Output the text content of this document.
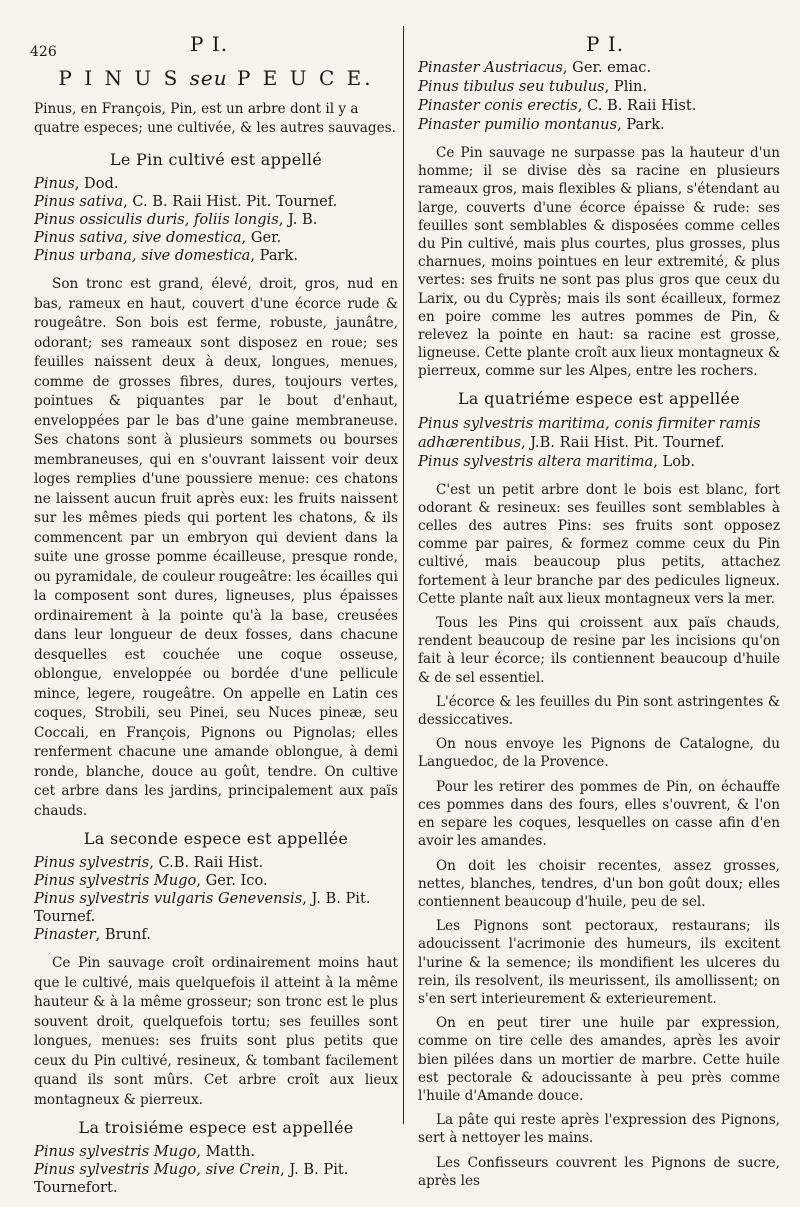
426	P I.	P I.
P I N U S seu P E U C E.

Pinus, en François, Pin, est un arbre dont il y a quatre especes; une cultivée, & les autres sauvages.

Le Pin cultivé est appellé
Pinus, Dod.
Pinus sativa, C. B. Raii Hist. Pit. Tournef.
Pinus ossiculis duris, foliis longis, J. B.
Pinus sativa, sive domestica, Ger.
Pinus urbana, sive domestica, Park.

Son tronc est grand, élevé, droit, gros, nud en bas, rameux en haut, couvert d'une écorce rude & rougeâtre. Son bois est ferme, robuste, jaunâtre, odorant; ses rameaux sont disposez en roue; ses feuilles naissent deux à deux, longues, menues, comme de grosses fibres, dures, toujours vertes, pointues & piquantes par le bout d'enhaut, enveloppées par le bas d'une gaine membraneuse. Ses chatons sont à plusieurs sommets ou bourses membraneuses, qui en s'ouvrant laissent voir deux loges remplies d'une poussiere menue: ces chatons ne laissent aucun fruit après eux: les fruits naissent sur les mêmes pieds qui portent les chatons, & ils commencent par un embryon qui devient dans la suite une grosse pomme écailleuse, presque ronde, ou pyramidale, de couleur rougeâtre: les écailles qui la composent sont dures, ligneuses, plus épaisses ordinairement à la pointe qu'à la base, creusées dans leur longueur de deux fosses, dans chacune desquelles est couchée une coque osseuse, oblongue, enveloppée ou bordée d'une pellicule mince, legere, rougeâtre. On appelle en Latin ces coques, Strobili, seu Pinei, seu Nuces pineæ, seu Coccali, en François, Pignons ou Pignolas; elles renferment chacune une amande oblongue, à demi ronde, blanche, douce au goût, tendre. On cultive cet arbre dans les jardins, principalement aux païs chauds.

La seconde espece est appellée
Pinus sylvestris, C.B. Raii Hist.
Pinus sylvestris Mugo, Ger. Ico.
Pinus sylvestris vulgaris Genevensis, J. B. Pit. Tournef.
Pinaster, Brunf.

Ce Pin sauvage croît ordinairement moins haut que le cultivé, mais quelquefois il atteint à la même hauteur & à la même grosseur; son tronc est le plus souvent droit, quelquefois tortu; ses feuilles sont longues, menues: ses fruits sont plus petits que ceux du Pin cultivé, resineux, & tombant facilement quand ils sont mûrs. Cet arbre croît aux lieux montagneux & pierreux.

La troisiéme espece est appellée
Pinus sylvestris Mugo, Matth.
Pinus sylvestris Mugo, sive Crein, J. B. Pit. Tournefort.
Pinaster Austriacus, Ger. emac.
Pinus tibulus seu tubulus, Plin.
Pinaster conis erectis, C. B. Raii Hist.
Pinaster pumilio montanus, Park.

Ce Pin sauvage ne surpasse pas la hauteur d'un homme; il se divise dès sa racine en plusieurs rameaux gros, mais flexibles & plians, s'étendant au large, couverts d'une écorce épaisse & rude: ses feuilles sont semblables & disposées comme celles du Pin cultivé, mais plus courtes, plus grosses, plus charnues, moins pointues en leur extremité, & plus vertes: ses fruits ne sont pas plus gros que ceux du Larix, ou du Cyprès; mais ils sont écailleux, formez en poire comme les autres pommes de Pin, & relevez la pointe en haut: sa racine est grosse, ligneuse. Cette plante croît aux lieux montagneux & pierreux, comme sur les Alpes, entre les rochers.

La quatriéme espece est appellée
Pinus sylvestris maritima, conis firmiter ramis adhærentibus, J.B. Raii Hist. Pit. Tournef.
Pinus sylvestris altera maritima, Lob.

C'est un petit arbre dont le bois est blanc, fort odorant & resineux: ses feuilles sont semblables à celles des autres Pins: ses fruits sont opposez comme par paires, & formez comme ceux du Pin cultivé, mais beaucoup plus petits, attachez fortement à leur branche par des pedicules ligneux. Cette plante naît aux lieux montagneux vers la mer.

Tous les Pins qui croissent aux païs chauds, rendent beaucoup de resine par les incisions qu'on fait à leur écorce; ils contiennent beaucoup d'huile & de sel essentiel.

L'écorce & les feuilles du Pin sont astringentes & dessiccatives.

On nous envoye les Pignons de Catalogne, du Languedoc, de la Provence.

Pour les retirer des pommes de Pin, on échauffe ces pommes dans des fours, elles s'ouvrent, & l'on en separe les coques, lesquelles on casse afin d'en avoir les amandes.

On doit les choisir recentes, assez grosses, nettes, blanches, tendres, d'un bon goût doux; elles contiennent beaucoup d'huile, peu de sel.

Les Pignons sont pectoraux, restaurans; ils adoucissent l'acrimonie des humeurs, ils excitent l'urine & la semence; ils mondifient les ulceres du rein, ils resolvent, ils meurissent, ils amollissent; on s'en sert interieurement & exterieurement.

On en peut tirer une huile par expression, comme on tire celle des amandes, après les avoir bien pilées dans un mortier de marbre. Cette huile est pectorale & adoucissante à peu près comme l'huile d'Amande douce.

La pâte qui reste après l'expression des Pignons, sert à nettoyer les mains.

Les Confisseurs couvrent les Pignons de sucre, après les
